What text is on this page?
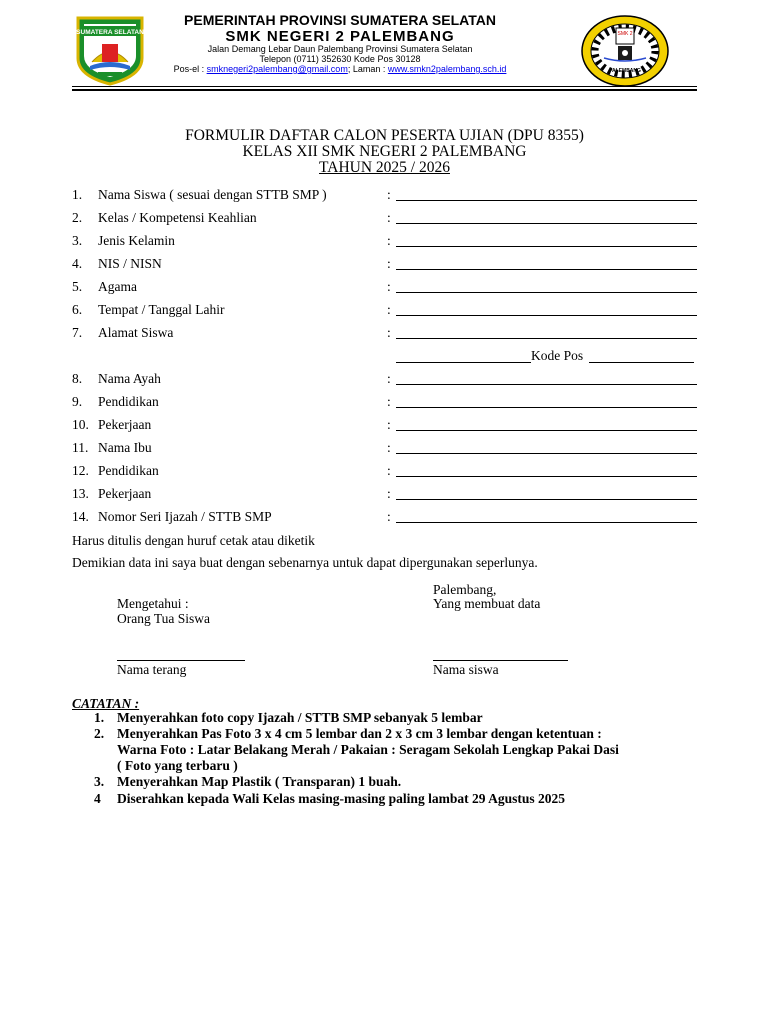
SUMATERA SELATAN	SMK 2
PALEMBANG
PEMERINTAH PROVINSI SUMATERA SELATAN
SMK NEGERI 2 PALEMBANG
Jalan Demang Lebar Daun Palembang Provinsi Sumatera Selatan
Telepon (0711) 352630 Kode Pos 30128
Pos-el : smknegeri2palembang@gmail.com; Laman : www.smkn2palembang.sch.id
FORMULIR DAFTAR CALON PESERTA UJIAN (DPU 8355)
KELAS XII SMK NEGERI 2 PALEMBANG
TAHUN 2025 / 2026
1. Nama Siswa ( sesuai dengan STTB SMP )	:
2. Kelas / Kompetensi Keahlian	:
3. Jenis Kelamin	:
4. NIS / NISN	:
5. Agama	:
6. Tempat / Tanggal Lahir	:
7. Alamat Siswa	:
8. Nama Ayah	:
9. Pendidikan	:
10. Pekerjaan	:
11. Nama Ibu	:
12. Pendidikan	:
13. Pekerjaan	:
14. Nomor Seri Ijazah / STTB SMP	:
Kode Pos
Harus ditulis dengan huruf cetak atau diketik
Demikian data ini saya buat dengan sebenarnya untuk dapat dipergunakan seperlunya.
Palembang,
Mengetahui :	Yang membuat data
Orang Tua Siswa
Nama terang	Nama siswa
CATATAN :
1. Menyerahkan foto copy Ijazah / STTB SMP sebanyak 5 lembar
2. Menyerahkan Pas Foto 3 x 4 cm 5 lembar dan 2 x 3 cm 3 lembar dengan ketentuan :
Warna Foto : Latar Belakang Merah / Pakaian : Seragam Sekolah Lengkap Pakai Dasi
( Foto yang terbaru )
3. Menyerahkan Map Plastik ( Transparan) 1 buah.
4 Diserahkan kepada Wali Kelas masing-masing paling lambat 29 Agustus 2025
